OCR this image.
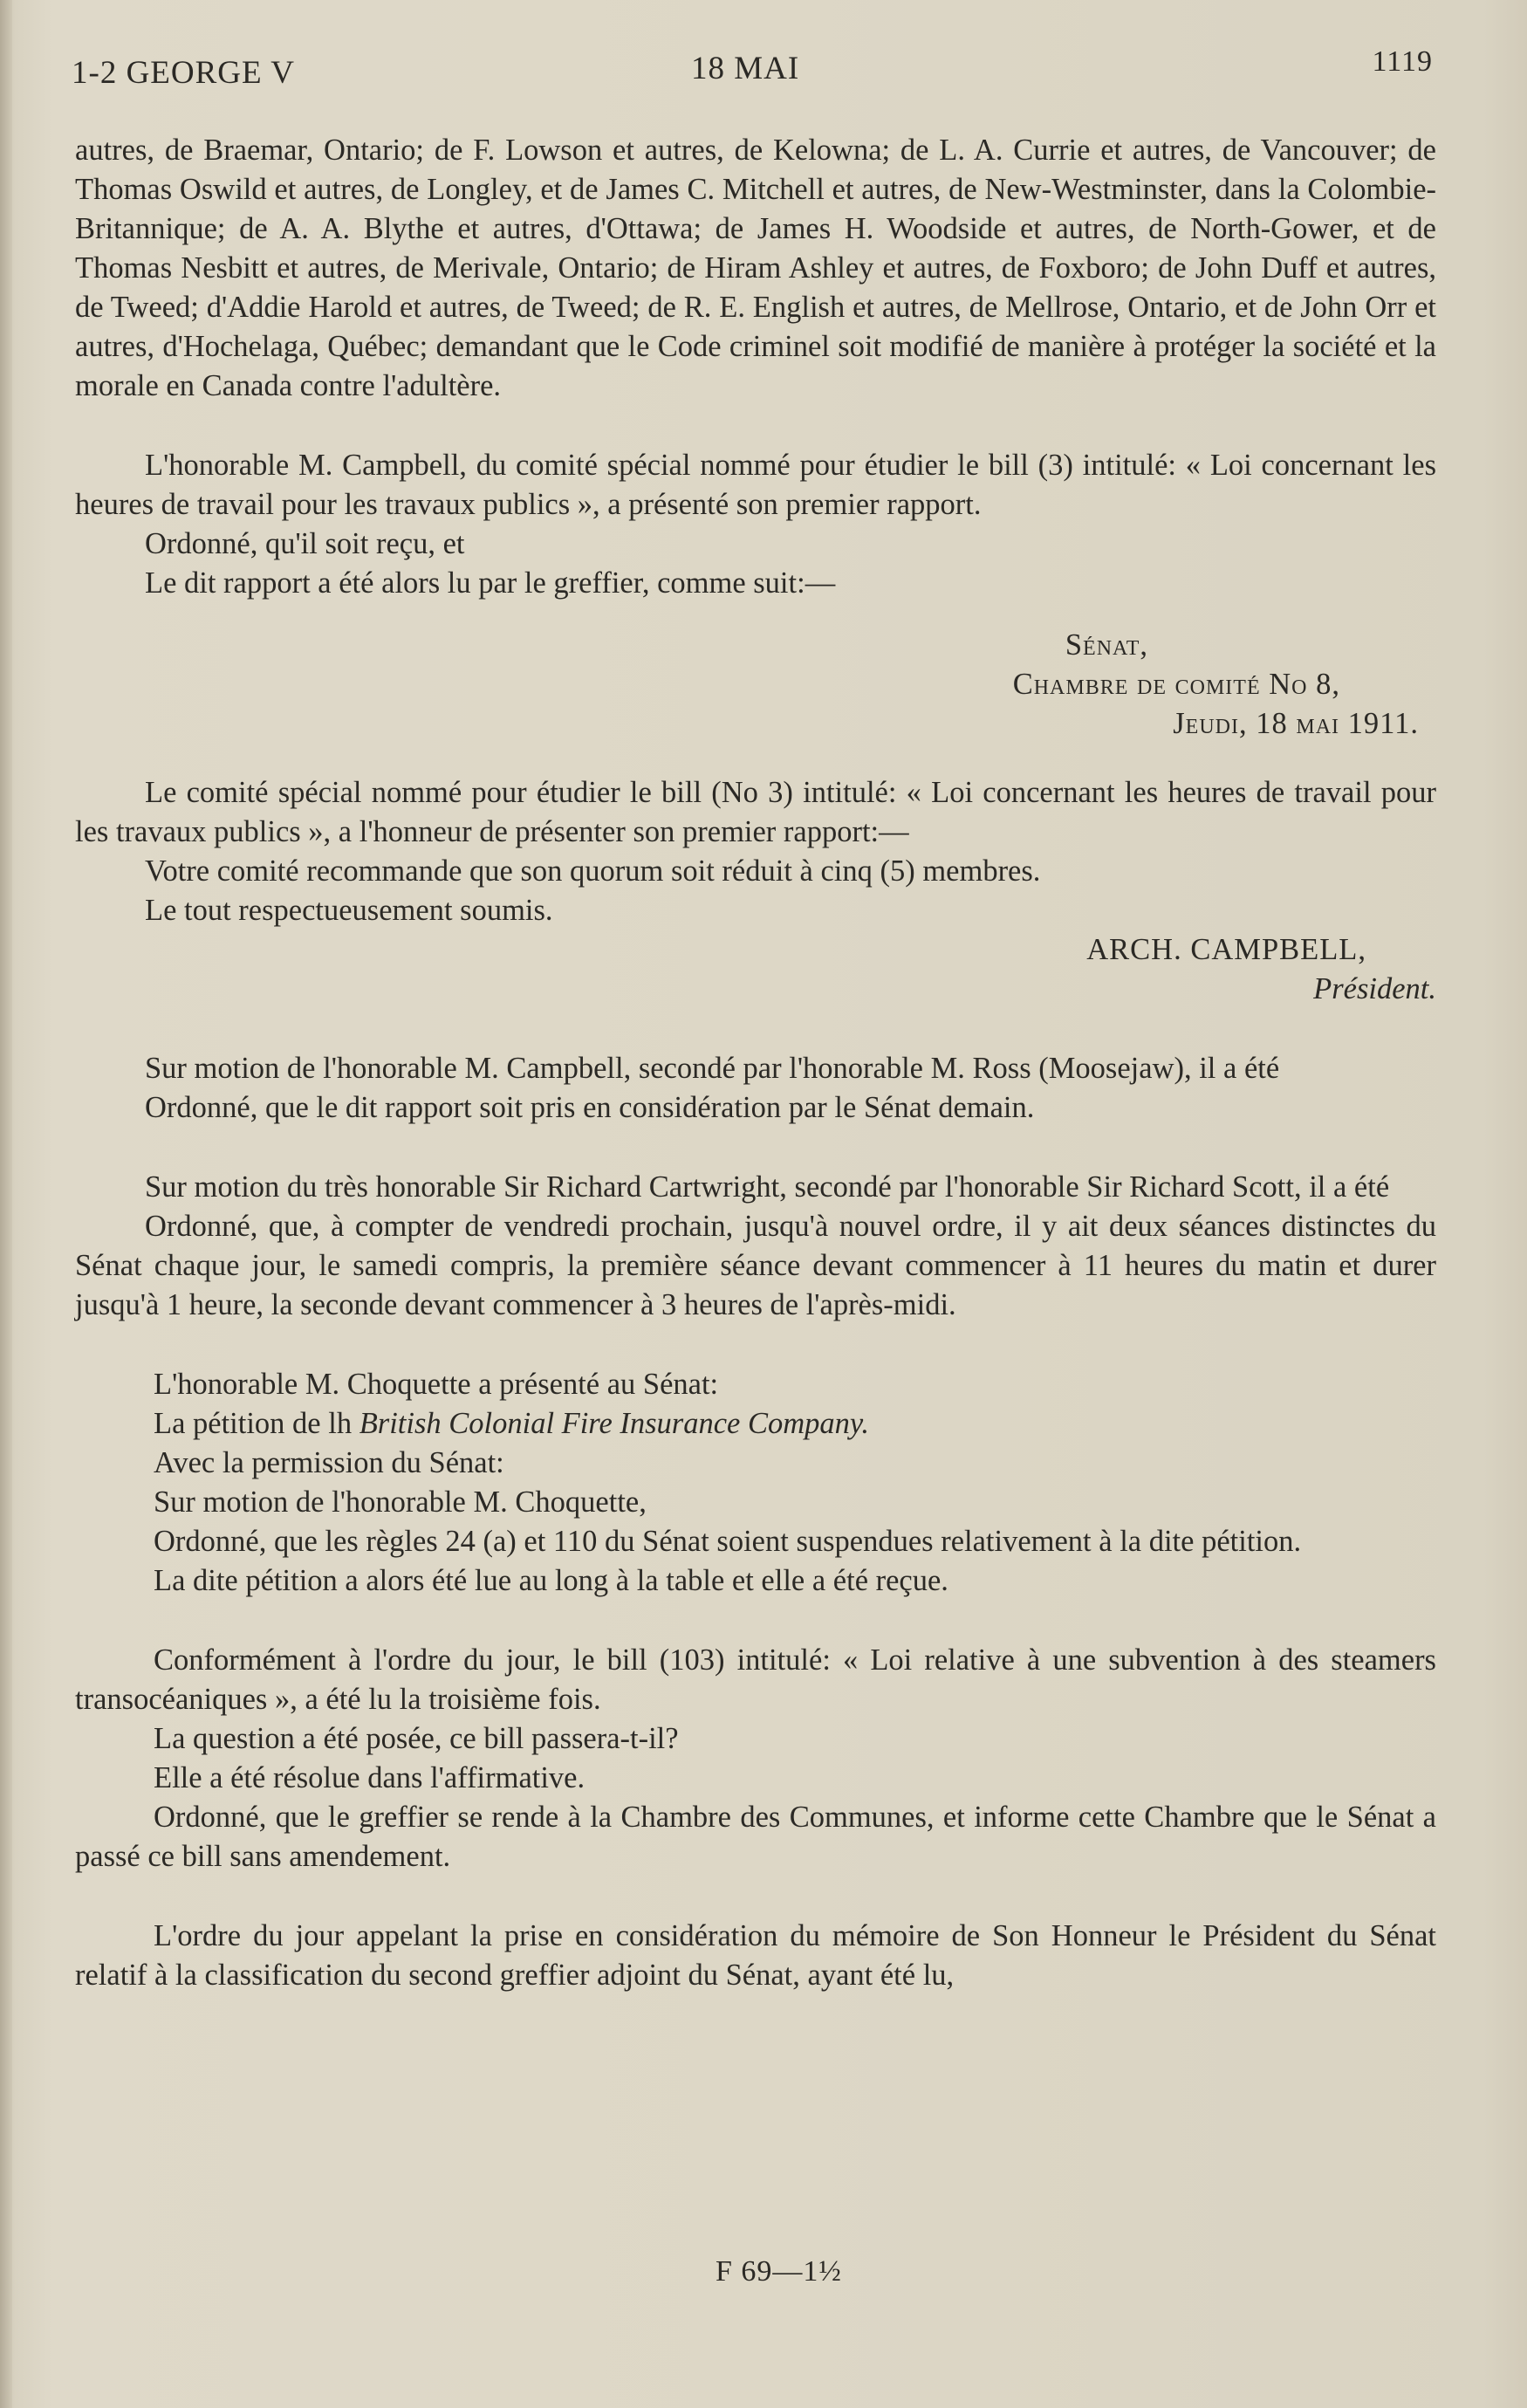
1-2 GEORGE V	18 MAI	1119

autres, de Braemar, Ontario; de F. Lowson et autres, de Kelowna; de L. A. Currie et autres, de Vancouver; de Thomas Oswild et autres, de Longley, et de James C. Mitchell et autres, de New-Westminster, dans la Colombie-Britannique; de A. A. Blythe et autres, d'Ottawa; de James H. Woodside et autres, de North-Gower, et de Thomas Nesbitt et autres, de Merivale, Ontario; de Hiram Ashley et autres, de Foxboro; de John Duff et autres, de Tweed; d'Addie Harold et autres, de Tweed; de R. E. English et autres, de Mellrose, Ontario, et de John Orr et autres, d'Hochelaga, Québec; demandant que le Code criminel soit modifié de manière à protéger la société et la morale en Canada contre l'adultère.

L'honorable M. Campbell, du comité spécial nommé pour étudier le bill (3) intitulé: « Loi concernant les heures de travail pour les travaux publics », a présenté son premier rapport.

Ordonné, qu'il soit reçu, et

Le dit rapport a été alors lu par le greffier, comme suit:—

Sénat,

Chambre de comité No 8,

Jeudi, 18 mai 1911.

Le comité spécial nommé pour étudier le bill (No 3) intitulé: « Loi concernant les heures de travail pour les travaux publics », a l'honneur de présenter son premier rapport:—

Votre comité recommande que son quorum soit réduit à cinq (5) membres.

Le tout respectueusement soumis.

ARCH. CAMPBELL,

Président.

Sur motion de l'honorable M. Campbell, secondé par l'honorable M. Ross (Moosejaw), il a été

Ordonné, que le dit rapport soit pris en considération par le Sénat demain.

Sur motion du très honorable Sir Richard Cartwright, secondé par l'honorable Sir Richard Scott, il a été

Ordonné, que, à compter de vendredi prochain, jusqu'à nouvel ordre, il y ait deux séances distinctes du Sénat chaque jour, le samedi compris, la première séance devant commencer à 11 heures du matin et durer jusqu'à 1 heure, la seconde devant commencer à 3 heures de l'après-midi.

L'honorable M. Choquette a présenté au Sénat:

La pétition de lh British Colonial Fire Insurance Company.

Avec la permission du Sénat:

Sur motion de l'honorable M. Choquette,

Ordonné, que les règles 24 (a) et 110 du Sénat soient suspendues relativement à la dite pétition.

La dite pétition a alors été lue au long à la table et elle a été reçue.

Conformément à l'ordre du jour, le bill (103) intitulé: « Loi relative à une subvention à des steamers transocéaniques », a été lu la troisième fois.

La question a été posée, ce bill passera-t-il?

Elle a été résolue dans l'affirmative.

Ordonné, que le greffier se rende à la Chambre des Communes, et informe cette Chambre que le Sénat a passé ce bill sans amendement.

L'ordre du jour appelant la prise en considération du mémoire de Son Honneur le Président du Sénat relatif à la classification du second greffier adjoint du Sénat, ayant été lu,

F 69—1½
